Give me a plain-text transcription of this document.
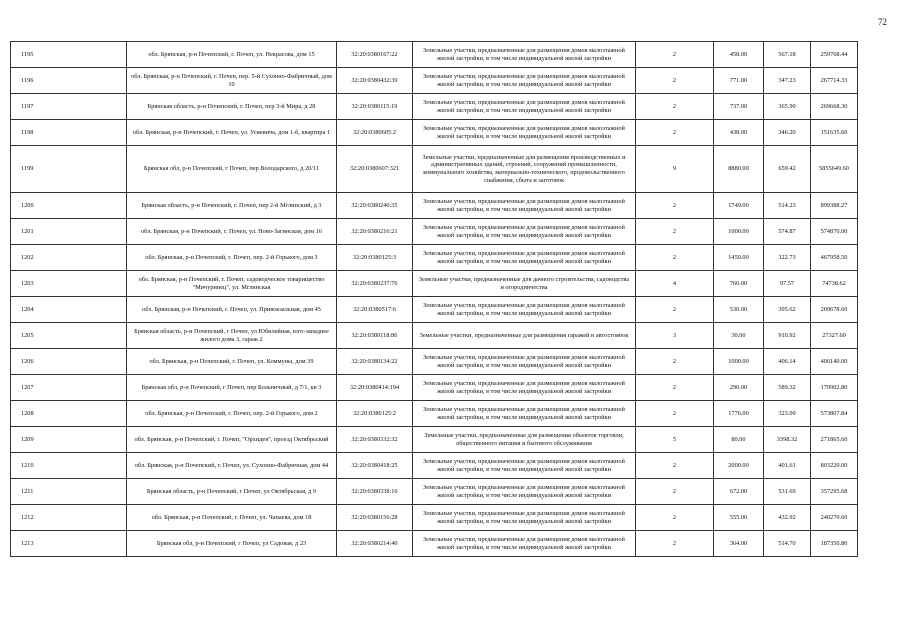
72
1195	обл. Брянская, р-н Почепский, г. Почеп, ул. Некрасова, дом 15	32:20:0380167:22	Земельные участки, предназначенные для размещения домов малоэтажной жилой застройки, в том числе индивидуальной жилой застройки	2	458.00	567.18	259768.44
1196	обл. Брянская, р-н Почепский, г. Почеп, пер. 5-й Сухонно-Фабричный, дом 10	32:20:0380432:39	Земельные участки, предназначенные для размещения домов малоэтажной жилой застройки, в том числе индивидуальной жилой застройки	2	771.00	347.23	267714.33
1197	Брянская область, р-н Почепский, г. Почеп, пер 3-й Мира, д 28	32:20:0380115:19	Земельные участки, предназначенные для размещения домов малоэтажной жилой застройки, в том числе индивидуальной жилой застройки	2	737.00	365.90	269668.30
1198	обл. Брянская, р-н Почепский, г. Почеп, ул. Усиевича, дом 1-б, квартира 1	32:20:0380605:2	Земельные участки, предназначенные для размещения домов малоэтажной жилой застройки, в том числе индивидуальной жилой застройки	2	438.00	346.20	151635.60
1199	Брянская обл, р-н Почепский, г Почеп, пер Володарского, д 20/11	32:20:0380607:321	Земельные участки, предназначенные для размещения производственных и административных зданий, строений, сооружений промышленности, коммунального хозяйства, материально-технического, продовольственного снабжения, сбыта и заготовок	9	8880.00	659.42	5855649.60
1200	Брянская область, р-н Почепский, г. Почеп, пер 2-й Мглинский, д 3	32:20:0380240:35	Земельные участки, предназначенные для размещения домов малоэтажной жилой застройки, в том числе индивидуальной жилой застройки	2	1749.00	514.23	899388.27
1201	обл. Брянская, р-н Почепский, г. Почеп, ул. Ново-Загинская, дом 16	32:20:0380216:21	Земельные участки, предназначенные для размещения домов малоэтажной жилой застройки, в том числе индивидуальной жилой застройки	2	1000.00	574.87	574870.00
1202	обл. Брянская, р-н Почепский, г. Почеп, пер. 2-й Горького, дом 3	32:20:0380125:3	Земельные участки, предназначенные для размещения домов малоэтажной жилой застройки, в том числе индивидуальной жилой застройки	2	1450.00	322.73	467958.50
1203	обл. Брянская, р-н Почепский, г. Почеп, садоводческое товарищество "Мичуринец", ул. Мглинская	32:20:0380237:76	Земельные участки, предназначенные для дачного строительства, садоводства и огородничества	4	766.00	97.57	74738.62
1204	обл. Брянская, р-н Почепский, г. Почеп, ул. Привокзальная, дом 45	32:20:0380517:6	Земельные участки, предназначенные для размещения домов малоэтажной жилой застройки, в том числе индивидуальной жилой застройки	2	530.00	395.62	209678.60
1205	Брянская область, р-н Почепский, г Почеп, ул Юбилейная, юго-западнее жилого дома 3, гараж 2	32:20:0380118:86	Земельные участки, предназначенные для размещения гаражей и автостоянок	3	30.00	910.92	27327.60
1206	обл. Брянская, р-н Почепский, г. Почеп, ул. Коммуны, дом 39	32:20:0380134:22	Земельные участки, предназначенные для размещения домов малоэтажной жилой застройки, в том числе индивидуальной жилой застройки	2	1000.00	406.14	406140.00
1207	Брянская обл, р-н Почепский, г Почеп, пер Больничный, д 7/1, кв 3	32:20:0380414:194	Земельные участки, предназначенные для размещения домов малоэтажной жилой застройки, в том числе индивидуальной жилой застройки	2	290.00	589.32	170902.80
1208	обл. Брянская, р-н Почепский, г. Почеп, пер. 2-й Горького, дом 2	32:20:0380125:2	Земельные участки, предназначенные для размещения домов малоэтажной жилой застройки, в том числе индивидуальной жилой застройки	2	1776.00	323.09	573807.84
1209	обл. Брянская, р-н Почепский, г. Почеп, "Орхидея", проезд Октябрьский	32:20:0380332:32	Земельные участки, предназначенные для размещения объектов торговли, общественного питания и бытового обслуживания	5	80.00	3398.32	271865.60
1210	обл. Брянская, р-н Почепский, г. Почеп, ул. Сухонно-Фабричная, дом 44	32:20:0380418:25	Земельные участки, предназначенные для размещения домов малоэтажной жилой застройки, в том числе индивидуальной жилой застройки	2	2000.00	401.61	803220.00
1211	Брянская область, р-н Почепский, г Почеп, ул Октябрьская, д 9	32:20:0380338:16	Земельные участки, предназначенные для размещения домов малоэтажной жилой застройки, в том числе индивидуальной жилой застройки	2	672.00	531.69	357295.68
1212	обл. Брянская, р-н Почепский, г. Почеп, ул. Чапаева, дом 18	32:20:0380156:28	Земельные участки, предназначенные для размещения домов малоэтажной жилой застройки, в том числе индивидуальной жилой застройки	2	555.00	432.92	240270.60
1213	Брянская обл, р-н Почепский, г Почеп, ул Садовая, д 23	32:20:0380214:40	Земельные участки, предназначенные для размещения домов малоэтажной жилой застройки, в том числе индивидуальной жилой застройки	2	364.00	514.70	187350.80
